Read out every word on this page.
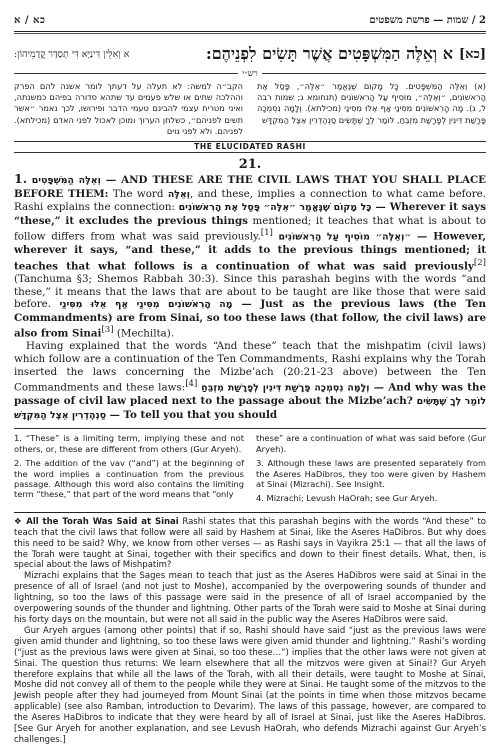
כא / א	2 / שמות — פרשת משפטים
[כא]
א וְאֵלֶּה הַמִּשְׁפָּטִים אֲשֶׁר תָּשִׂים לִפְנֵיהֶם:
א וְאִלֵּין דִּינַיָּא דִּי תְסַדַּר קֳדָמֵיהוֹן:
רש״י
הקב״ה למשה: לא תעלה על דעתך לומר אשנה להם הפרק וההלכה שתים או שלש פעמים עד שתהא סדורה בפיהם כמשנתה, ואיני מטריח עצמי להבינם טעמי הדבר ופירושו, לכך נאמר ״אשר תשים לפניהם״, כשלחן הערוך ומוכן לאכול לפני האדם (מכילתא). לפניהם. ולא לפני גוים
(א) וְאֵלֶּה הַמִּשְׁפָּטִים. כָּל מָקוֹם שֶׁנֶּאֱמַר ״אֵלֶּה״, פָּסַל אֶת הָרִאשׁוֹנִים, ״וְאֵלֶּה״, מוֹסִיף עַל הָרִאשׁוֹנִים (תנחומא ג; שמות רבה ל, ג). מָה הָרִאשׁוֹנִים מִסִּינַי אַף אֵלּוּ מִסִּינַי (מכילתא). וְלָמָּה נִסְמְכָה פָּרָשַׁת דִּינִין לְפָרָשַׁת מִזְבֵּחַ, לוֹמַר לְךָ שֶׁתָּשִׂים סַנְהֶדְרִין אֵצֶל הַמִּקְדָּשׁ
THE ELUCIDATED RASHI
21.

1. וְאֵלֶּה הַמִּשְׁפָּטִים — AND THESE ARE THE CIVIL LAWS THAT YOU SHALL PLACE BEFORE THEM: The word וְאֵלֶּה, and these, implies a connection to what came before. Rashi explains the connection: כָּל מָקוֹם שֶׁנֶּאֱמַר ״אֵלֶּה״ פָּסַל אֶת הָרִאשׁוֹנִים — Wherever it says “these,” it excludes the previous things mentioned; it teaches that what is about to follow differs from what was said previously.[1] ״וְאֵלֶּה״ מוֹסִיף עַל הָרִאשׁוֹנִים — However, wherever it says, “and these,” it adds to the previous things mentioned; it teaches that what follows is a continuation of what was said previously[2] (Tanchuma §3; Shemos Rabbah 30:3). Since this parashah begins with the words “and these,” it means that the laws that are about to be taught are like those that were said before. מָה הָרִאשׁוֹנִים מִסִּינַי אַף אֵלּוּ מִסִּינַי — Just as the previous laws (the Ten Commandments) are from Sinai, so too these laws (that follow, the civil laws) are also from Sinai[3] (Mechilta).

Having explained that the words “And these” teach that the mishpatim (civil laws) which follow are a continuation of the Ten Commandments, Rashi explains why the Torah inserted the laws concerning the Mizbe’ach (20:21-23 above) between the Ten Commandments and these laws:[4] וְלָמָּה נִסְמְכָה פָּרָשַׁת דִּינִין לְפָרָשַׁת מִזְבֵּחַ — And why was the passage of civil law placed next to the passage about the Mizbe’ach? לוֹמַר לְךָ שֶׁתָּשִׂים סַנְהֶדְרִין אֵצֶל הַמִּקְדָּשׁ — To tell you that you should

1. “These” is a limiting term, implying these and not others, or, these are different from others (Gur Aryeh).
2. The addition of the vav (“and”) at the beginning of the word implies a continuation from the previous passage. Although this word also contains the limiting term “these,” that part of the word means that “only
these” are a continuation of what was said before (Gur Aryeh).
3. Although these laws are presented separately from the Aseres HaDibros, they too were given by Hashem at Sinai (Mizrachi). See Insight.
4. Mizrachi; Levush HaOrah; see Gur Aryeh.

❖ All the Torah Was Said at Sinai Rashi states that this parashah begins with the words “And these” to teach that the civil laws that follow were all said by Hashem at Sinai, like the Aseres HaDibros. But why does this need to be said? Why, we know from other verses — as Rashi says in Vayikra 25:1 — that all the laws of the Torah were taught at Sinai, together with their specifics and down to their finest details. What, then, is special about the laws of Mishpatim?

Mizrachi explains that the Sages mean to teach that just as the Aseres HaDibros were said at Sinai in the presence of all of Israel (and not just to Moshe), accompanied by the overpowering sounds of thunder and lightning, so too the laws of this passage were said in the presence of all of Israel accompanied by the overpowering sounds of the thunder and lightning. Other parts of the Torah were said to Moshe at Sinai during his forty days on the mountain, but were not all said in the public way the Aseres HaDibros were said.

Gur Aryeh argues (among other points) that if so, Rashi should have said “just as the previous laws were given amid thunder and lightning, so too these laws were given amid thunder and lightning.” Rashi’s wording (“just as the previous laws were given at Sinai, so too these…”) implies that the other laws were not given at Sinai. The question thus returns: We learn elsewhere that all the mitzvos were given at Sinai!? Gur Aryeh therefore explains that while all the laws of the Torah, with all their details, were taught to Moshe at Sinai, Moshe did not convey all of them to the people while they were at Sinai. He taught some of the mitzvos to the Jewish people after they had journeyed from Mount Sinai (at the points in time when those mitzvos became applicable) (see also Ramban, introduction to Devarim). The laws of this passage, however, are compared to the Aseres HaDibros to indicate that they were heard by all of Israel at Sinai, just like the Aseres HaDibros. [See Gur Aryeh for another explanation, and see Levush HaOrah, who defends Mizrachi against Gur Aryeh’s challenges.]
